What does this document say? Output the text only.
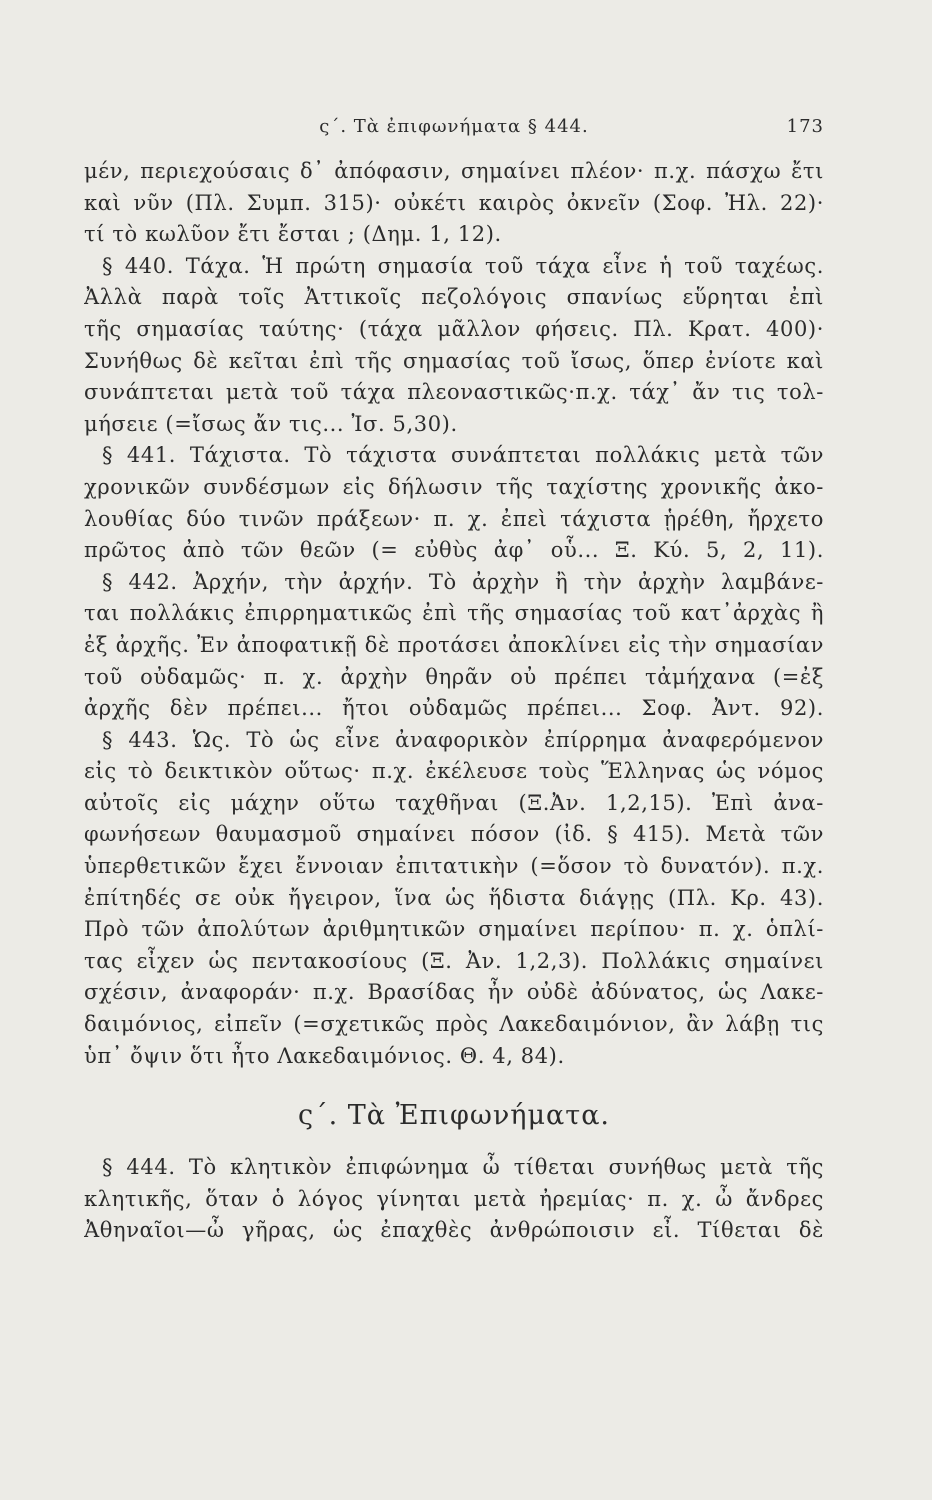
ς΄. Τὰ ἐπιφωνήματα § 444.	173
μέν, περιεχούσαις δ᾽ ἀπόφασιν, σημαίνει πλέον· π.χ. πάσχω ἔτι
καὶ νῦν (Πλ. Συμπ. 315)· οὐκέτι καιρὸς ὀκνεῖν (Σοφ. Ἠλ. 22)·
τί τὸ κωλῦον ἔτι ἔσται ; (Δημ. 1, 12).
§ 440. Τάχα. Ἡ πρώτη σημασία τοῦ τάχα εἶνε ἡ τοῦ ταχέως.
Ἀλλὰ παρὰ τοῖς Ἀττικοῖς πεζολόγοις σπανίως εὕρηται ἐπὶ
τῆς σημασίας ταύτης· (τάχα μᾶλλον φήσεις. Πλ. Κρατ. 400)·
Συνήθως δὲ κεῖται ἐπὶ τῆς σημασίας τοῦ ἴσως, ὅπερ ἐνίοτε καὶ
συνάπτεται μετὰ τοῦ τάχα πλεοναστικῶς·π.χ. τάχ᾽ ἄν τις τολ-
μήσειε (=ἴσως ἄν τις... Ἰσ. 5,30).
§ 441. Τάχιστα. Τὸ τάχιστα συνάπτεται πολλάκις μετὰ τῶν
χρονικῶν συνδέσμων εἰς δήλωσιν τῆς ταχίστης χρονικῆς ἀκο-
λουθίας δύο τινῶν πράξεων· π. χ. ἐπεὶ τάχιστα ᾑρέθη, ἤρχετο
πρῶτος ἀπὸ τῶν θεῶν (= εὐθὺς ἀφ᾽ οὗ... Ξ. Κύ. 5, 2, 11).
§ 442. Ἀρχήν, τὴν ἀρχήν. Τὸ ἀρχὴν ἢ τὴν ἀρχὴν λαμβάνε-
ται πολλάκις ἐπιρρηματικῶς ἐπὶ τῆς σημασίας τοῦ κατ᾽ἀρχὰς ἢ
ἐξ ἀρχῆς. Ἐν ἀποφατικῇ δὲ προτάσει ἀποκλίνει εἰς τὴν σημασίαν
τοῦ οὐδαμῶς· π. χ. ἀρχὴν θηρᾶν οὐ πρέπει τἀμήχανα (=ἐξ
ἀρχῆς δὲν πρέπει... ἤτοι οὐδαμῶς πρέπει... Σοφ. Ἀντ. 92).
§ 443. Ὡς. Τὸ ὡς εἶνε ἀναφορικὸν ἐπίρρημα ἀναφερόμενον
εἰς τὸ δεικτικὸν οὕτως· π.χ. ἐκέλευσε τοὺς Ἕλληνας ὡς νόμος
αὐτοῖς εἰς μάχην οὕτω ταχθῆναι (Ξ.Ἀν. 1,2,15). Ἐπὶ ἀνα-
φωνήσεων θαυμασμοῦ σημαίνει πόσον (ἰδ. § 415). Μετὰ τῶν
ὑπερθετικῶν ἔχει ἔννοιαν ἐπιτατικὴν (=ὅσον τὸ δυνατόν). π.χ.
ἐπίτηδές σε οὐκ ἤγειρον, ἵνα ὡς ἥδιστα διάγῃς (Πλ. Κρ. 43).
Πρὸ τῶν ἀπολύτων ἀριθμητικῶν σημαίνει περίπου· π. χ. ὁπλί-
τας εἶχεν ὡς πεντακοσίους (Ξ. Ἀν. 1,2,3). Πολλάκις σημαίνει
σχέσιν, ἀναφοράν· π.χ. Βρασίδας ἦν οὐδὲ ἀδύνατος, ὡς Λακε-
δαιμόνιος, εἰπεῖν (=σχετικῶς πρὸς Λακεδαιμόνιον, ἂν λάβῃ τις
ὑπ᾽ ὄψιν ὅτι ἦτο Λακεδαιμόνιος. Θ. 4, 84).
ς΄. Τὰ Ἐπιφωνήματα.
§ 444. Τὸ κλητικὸν ἐπιφώνημα ὦ τίθεται συνήθως μετὰ τῆς
κλητικῆς, ὅταν ὁ λόγος γίνηται μετὰ ἠρεμίας· π. χ. ὦ ἄνδρες
Ἀθηναῖοι—ὦ γῆρας, ὡς ἐπαχθὲς ἀνθρώποισιν εἶ. Τίθεται δὲ
